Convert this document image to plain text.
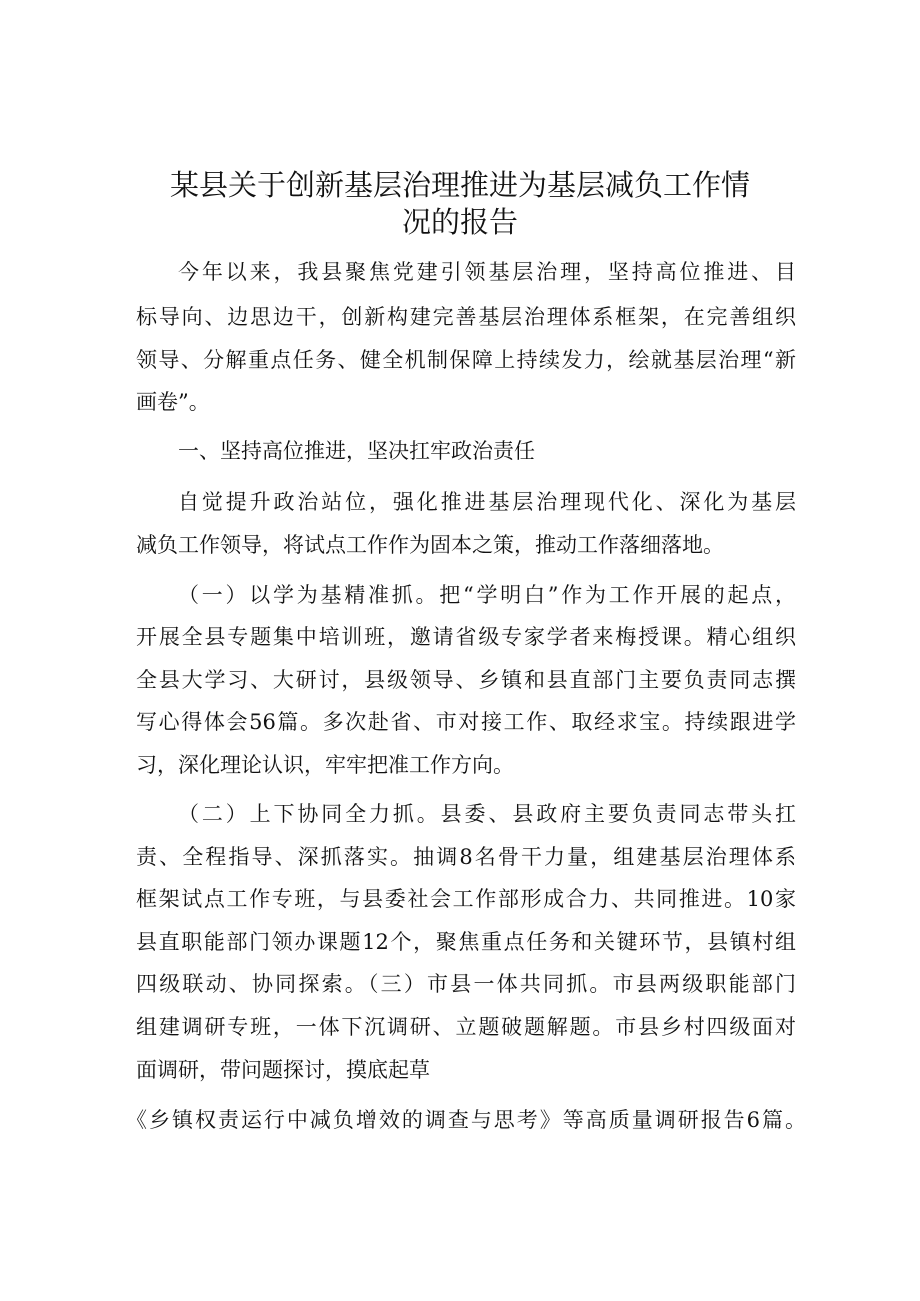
某县关于创新基层治理推进为基层减负工作情
况的报告

今年以来，我县聚焦党建引领基层治理，坚持高位推进、目

标导向、边思边干，创新构建完善基层治理体系框架，在完善组织

领导、分解重点任务、健全机制保障上持续发力，绘就基层治理“新

画卷”。

一、坚持高位推进，坚决扛牢政治责任

自觉提升政治站位，强化推进基层治理现代化、深化为基层

减负工作领导，将试点工作作为固本之策，推动工作落细落地。

（一）以学为基精准抓。把“学明白”作为工作开展的起点，

开展全县专题集中培训班，邀请省级专家学者来梅授课。精心组织

全县大学习、大研讨，县级领导、乡镇和县直部门主要负责同志撰

写心得体会56篇。多次赴省、市对接工作、取经求宝。持续跟进学

习，深化理论认识，牢牢把准工作方向。

（二）上下协同全力抓。县委、县政府主要负责同志带头扛

责、全程指导、深抓落实。抽调8名骨干力量，组建基层治理体系

框架试点工作专班，与县委社会工作部形成合力、共同推进。10家

县直职能部门领办课题12个，聚焦重点任务和关键环节，县镇村组

四级联动、协同探索。（三）市县一体共同抓。市县两级职能部门

组建调研专班，一体下沉调研、立题破题解题。市县乡村四级面对

面调研，带问题探讨，摸底起草

《乡镇权责运行中减负增效的调查与思考》等高质量调研报告6篇。
